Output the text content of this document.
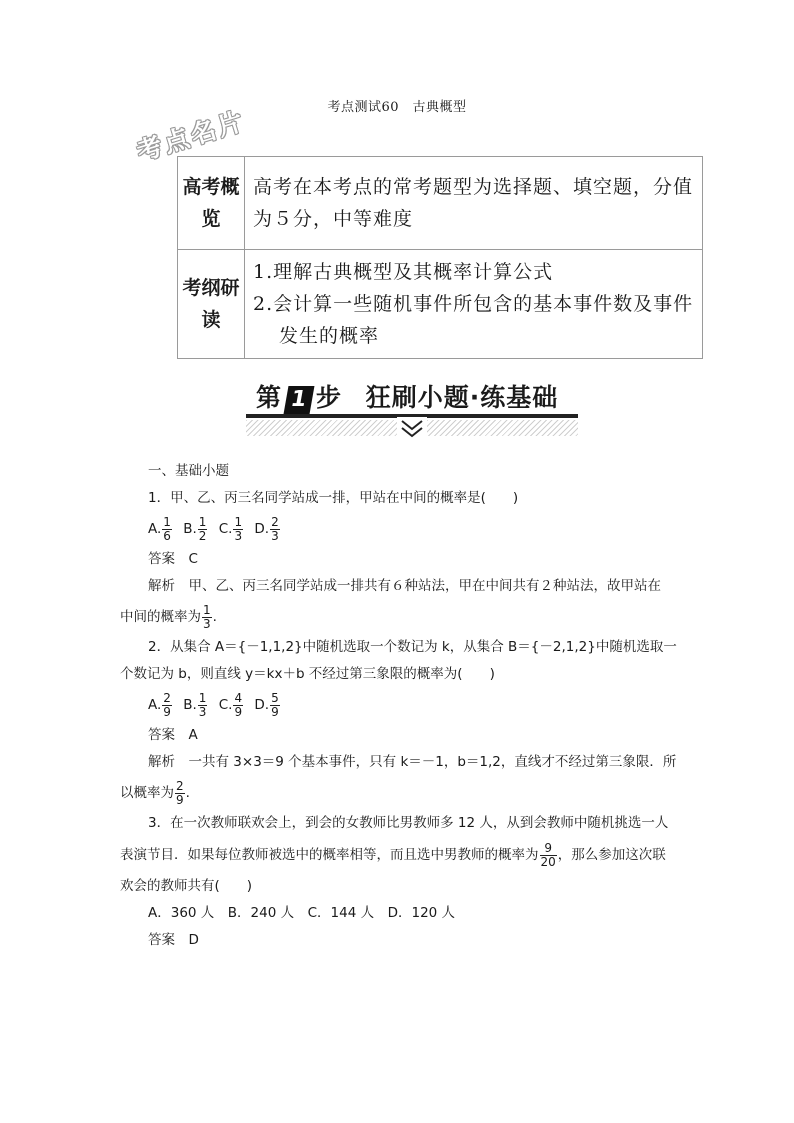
考点测试60　古典概型
考点名片
高考概览	高考在本考点的常考题型为选择题、填空题，分值为５分，中等难度
考纲研读	1.理解古典概型及其概率计算公式
2.会计算一些随机事件所包含的基本事件数及事件发生的概率
第 1 步 狂刷小题·练基础

一、基础小题

1．甲、乙、丙三名同学站成一排，甲站在中间的概率是(　　)

A. $\frac{1}{6} B$. $\frac{1}{2} C$. $\frac{1}{3} D$. $\frac{2}{3}$

答案　 C

解析　 甲、乙、丙三名同学站成一排共有６种站法，甲在中间共有２种站法，故甲站在

中间的概率为 $\frac{1}{3}$ .

2．从集合 A＝{－1,1,2}中随机选取一个数记为 k，从集合 B＝{－2,1,2}中随机选取一

个数记为 b，则直线 y＝kx＋b 不经过第三象限的概率为(　　)

A. $\frac{2}{9} B$. $\frac{1}{3} C$. $\frac{4}{9} D$. $\frac{5}{9}$

答案　 A

解析　 一共有 3×3＝9 个基本事件，只有 k＝－1，b＝1,2，直线才不经过第三象限．所

以概率为 $\frac{2}{9}$ .

3．在一次教师联欢会上，到会的女教师比男教师多 12 人，从到会教师中随机挑选一人

表演节目．如果每位教师被选中的概率相等，而且选中男教师的概率为 $\frac{9}{20}$ ，那么参加这次联

欢会的教师共有(　　)

A．360 人　B．240 人　C．144 人　D．120 人

答案　 D
